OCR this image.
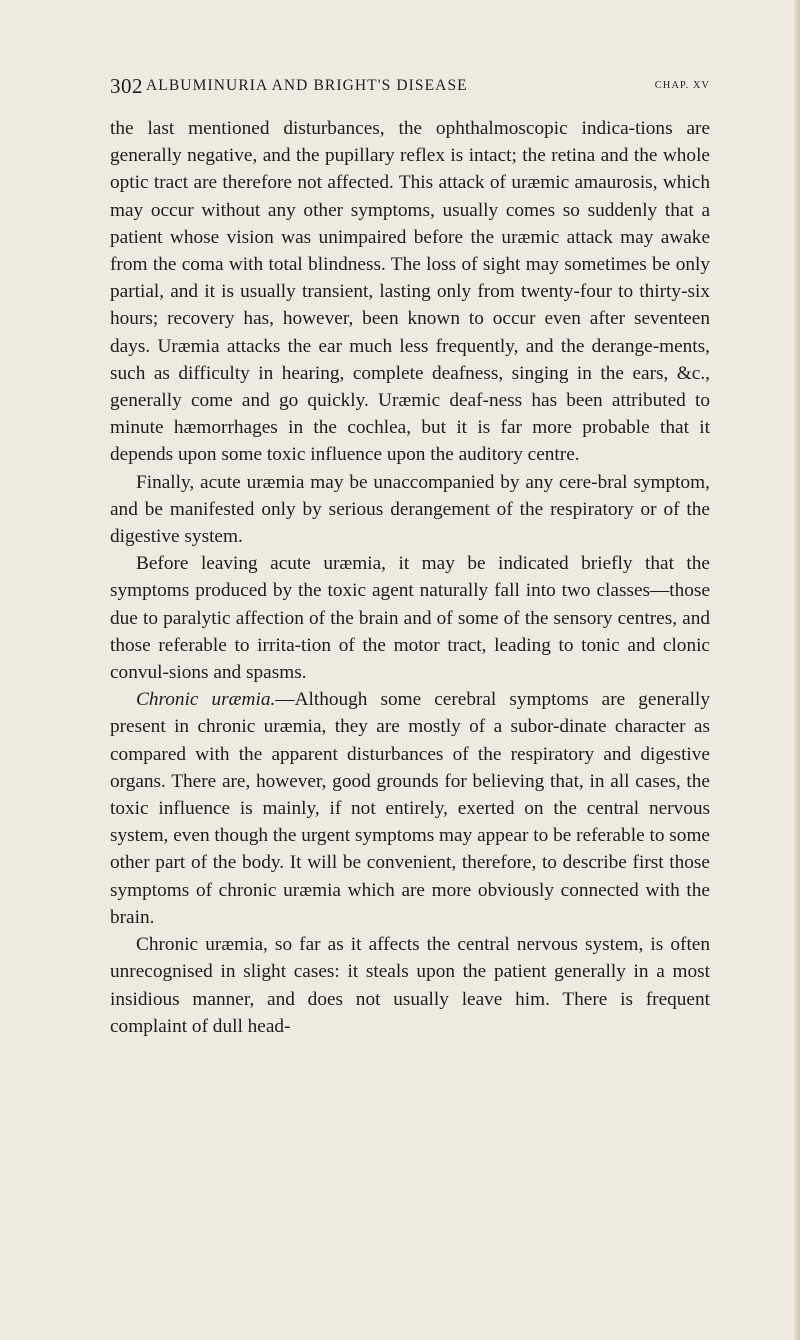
302 ALBUMINURIA AND BRIGHT'S DISEASE	CHAP. XV

the last mentioned disturbances, the ophthalmoscopic indica-tions are generally negative, and the pupillary reflex is intact; the retina and the whole optic tract are therefore not affected. This attack of uræmic amaurosis, which may occur without any other symptoms, usually comes so suddenly that a patient whose vision was unimpaired before the uræmic attack may awake from the coma with total blindness. The loss of sight may sometimes be only partial, and it is usually transient, lasting only from twenty-four to thirty-six hours; recovery has, however, been known to occur even after seventeen days. Uræmia attacks the ear much less frequently, and the derange-ments, such as difficulty in hearing, complete deafness, singing in the ears, &c., generally come and go quickly. Uræmic deaf-ness has been attributed to minute hæmorrhages in the cochlea, but it is far more probable that it depends upon some toxic influence upon the auditory centre.

Finally, acute uræmia may be unaccompanied by any cere-bral symptom, and be manifested only by serious derangement of the respiratory or of the digestive system.

Before leaving acute uræmia, it may be indicated briefly that the symptoms produced by the toxic agent naturally fall into two classes—those due to paralytic affection of the brain and of some of the sensory centres, and those referable to irrita-tion of the motor tract, leading to tonic and clonic convul-sions and spasms.

Chronic uræmia.—Although some cerebral symptoms are generally present in chronic uræmia, they are mostly of a subor-dinate character as compared with the apparent disturbances of the respiratory and digestive organs. There are, however, good grounds for believing that, in all cases, the toxic influence is mainly, if not entirely, exerted on the central nervous system, even though the urgent symptoms may appear to be referable to some other part of the body. It will be convenient, therefore, to describe first those symptoms of chronic uræmia which are more obviously connected with the brain.

Chronic uræmia, so far as it affects the central nervous system, is often unrecognised in slight cases: it steals upon the patient generally in a most insidious manner, and does not usually leave him. There is frequent complaint of dull head-
